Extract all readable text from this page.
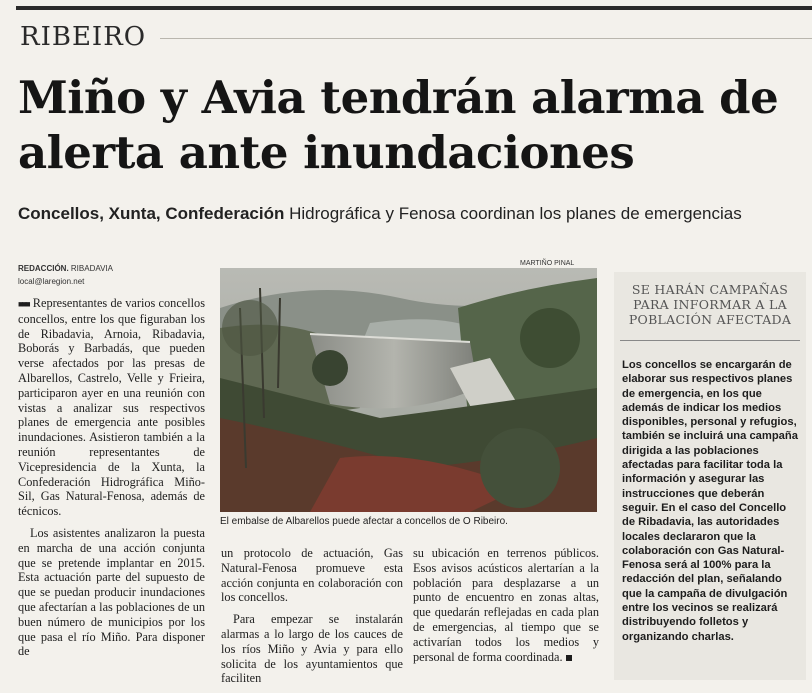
RIBEIRO
Miño y Avia tendrán alarma de alerta ante inundaciones
Concellos, Xunta, Confederación Hidrográfica y Fenosa coordinan los planes de emergencias
REDACCIÓN. RIBADAVIA
local@laregion.net

■■■ Representantes de varios concellos concellos, entre los que figuraban los de Ribadavia, Arnoia, Ribadavia, Boborás y Barbadás, que pueden verse afectados por las presas de Albarellos, Castrelo, Velle y Frieira, participaron ayer en una reunión con vistas a analizar sus respectivos planes de emergencia ante posibles inundaciones. Asistieron también a la reunión representantes de Vicepresidencia de la Xunta, la Confederación Hidrográfica Miño-Sil, Gas Natural-Fenosa, además de técnicos.

Los asistentes analizaron la puesta en marcha de una acción conjunta que se pretende implantar en 2015. Esta actuación parte del supuesto de que se puedan producir inundaciones que afectarían a las poblaciones de un buen número de municipios por los que pasa el río Miño. Para disponer de

MARTIÑO PINAL
El embalse de Albarellos puede afectar a concellos de O Ribeiro.

un protocolo de actuación, Gas Natural-Fenosa promueve esta acción conjunta en colaboración con los concellos.

Para empezar se instalarán alarmas a lo largo de los cauces de los ríos Miño y Avia y para ello solicita de los ayuntamientos que faciliten

su ubicación en terrenos públicos. Esos avisos acústicos alertarían a la población para desplazarse a un punto de encuentro en zonas altas, que quedarán reflejadas en cada plan de emergencias, al tiempo que se activarían todos los medios y personal de forma coordinada.

SE HARÁN CAMPAÑAS PARA INFORMAR A LA POBLACIÓN AFECTADA
Los concellos se encargarán de elaborar sus respectivos planes de emergencia, en los que además de indicar los medios disponibles, personal y refugios, también se incluirá una campaña dirigida a las poblaciones afectadas para facilitar toda la información y asegurar las instrucciones que deberán seguir. En el caso del Concello de Ribadavia, las autoridades locales declararon que la colaboración con Gas Natural-Fenosa será al 100% para la redacción del plan, señalando que la campaña de divulgación entre los vecinos se realizará distribuyendo folletos y organizando charlas.
